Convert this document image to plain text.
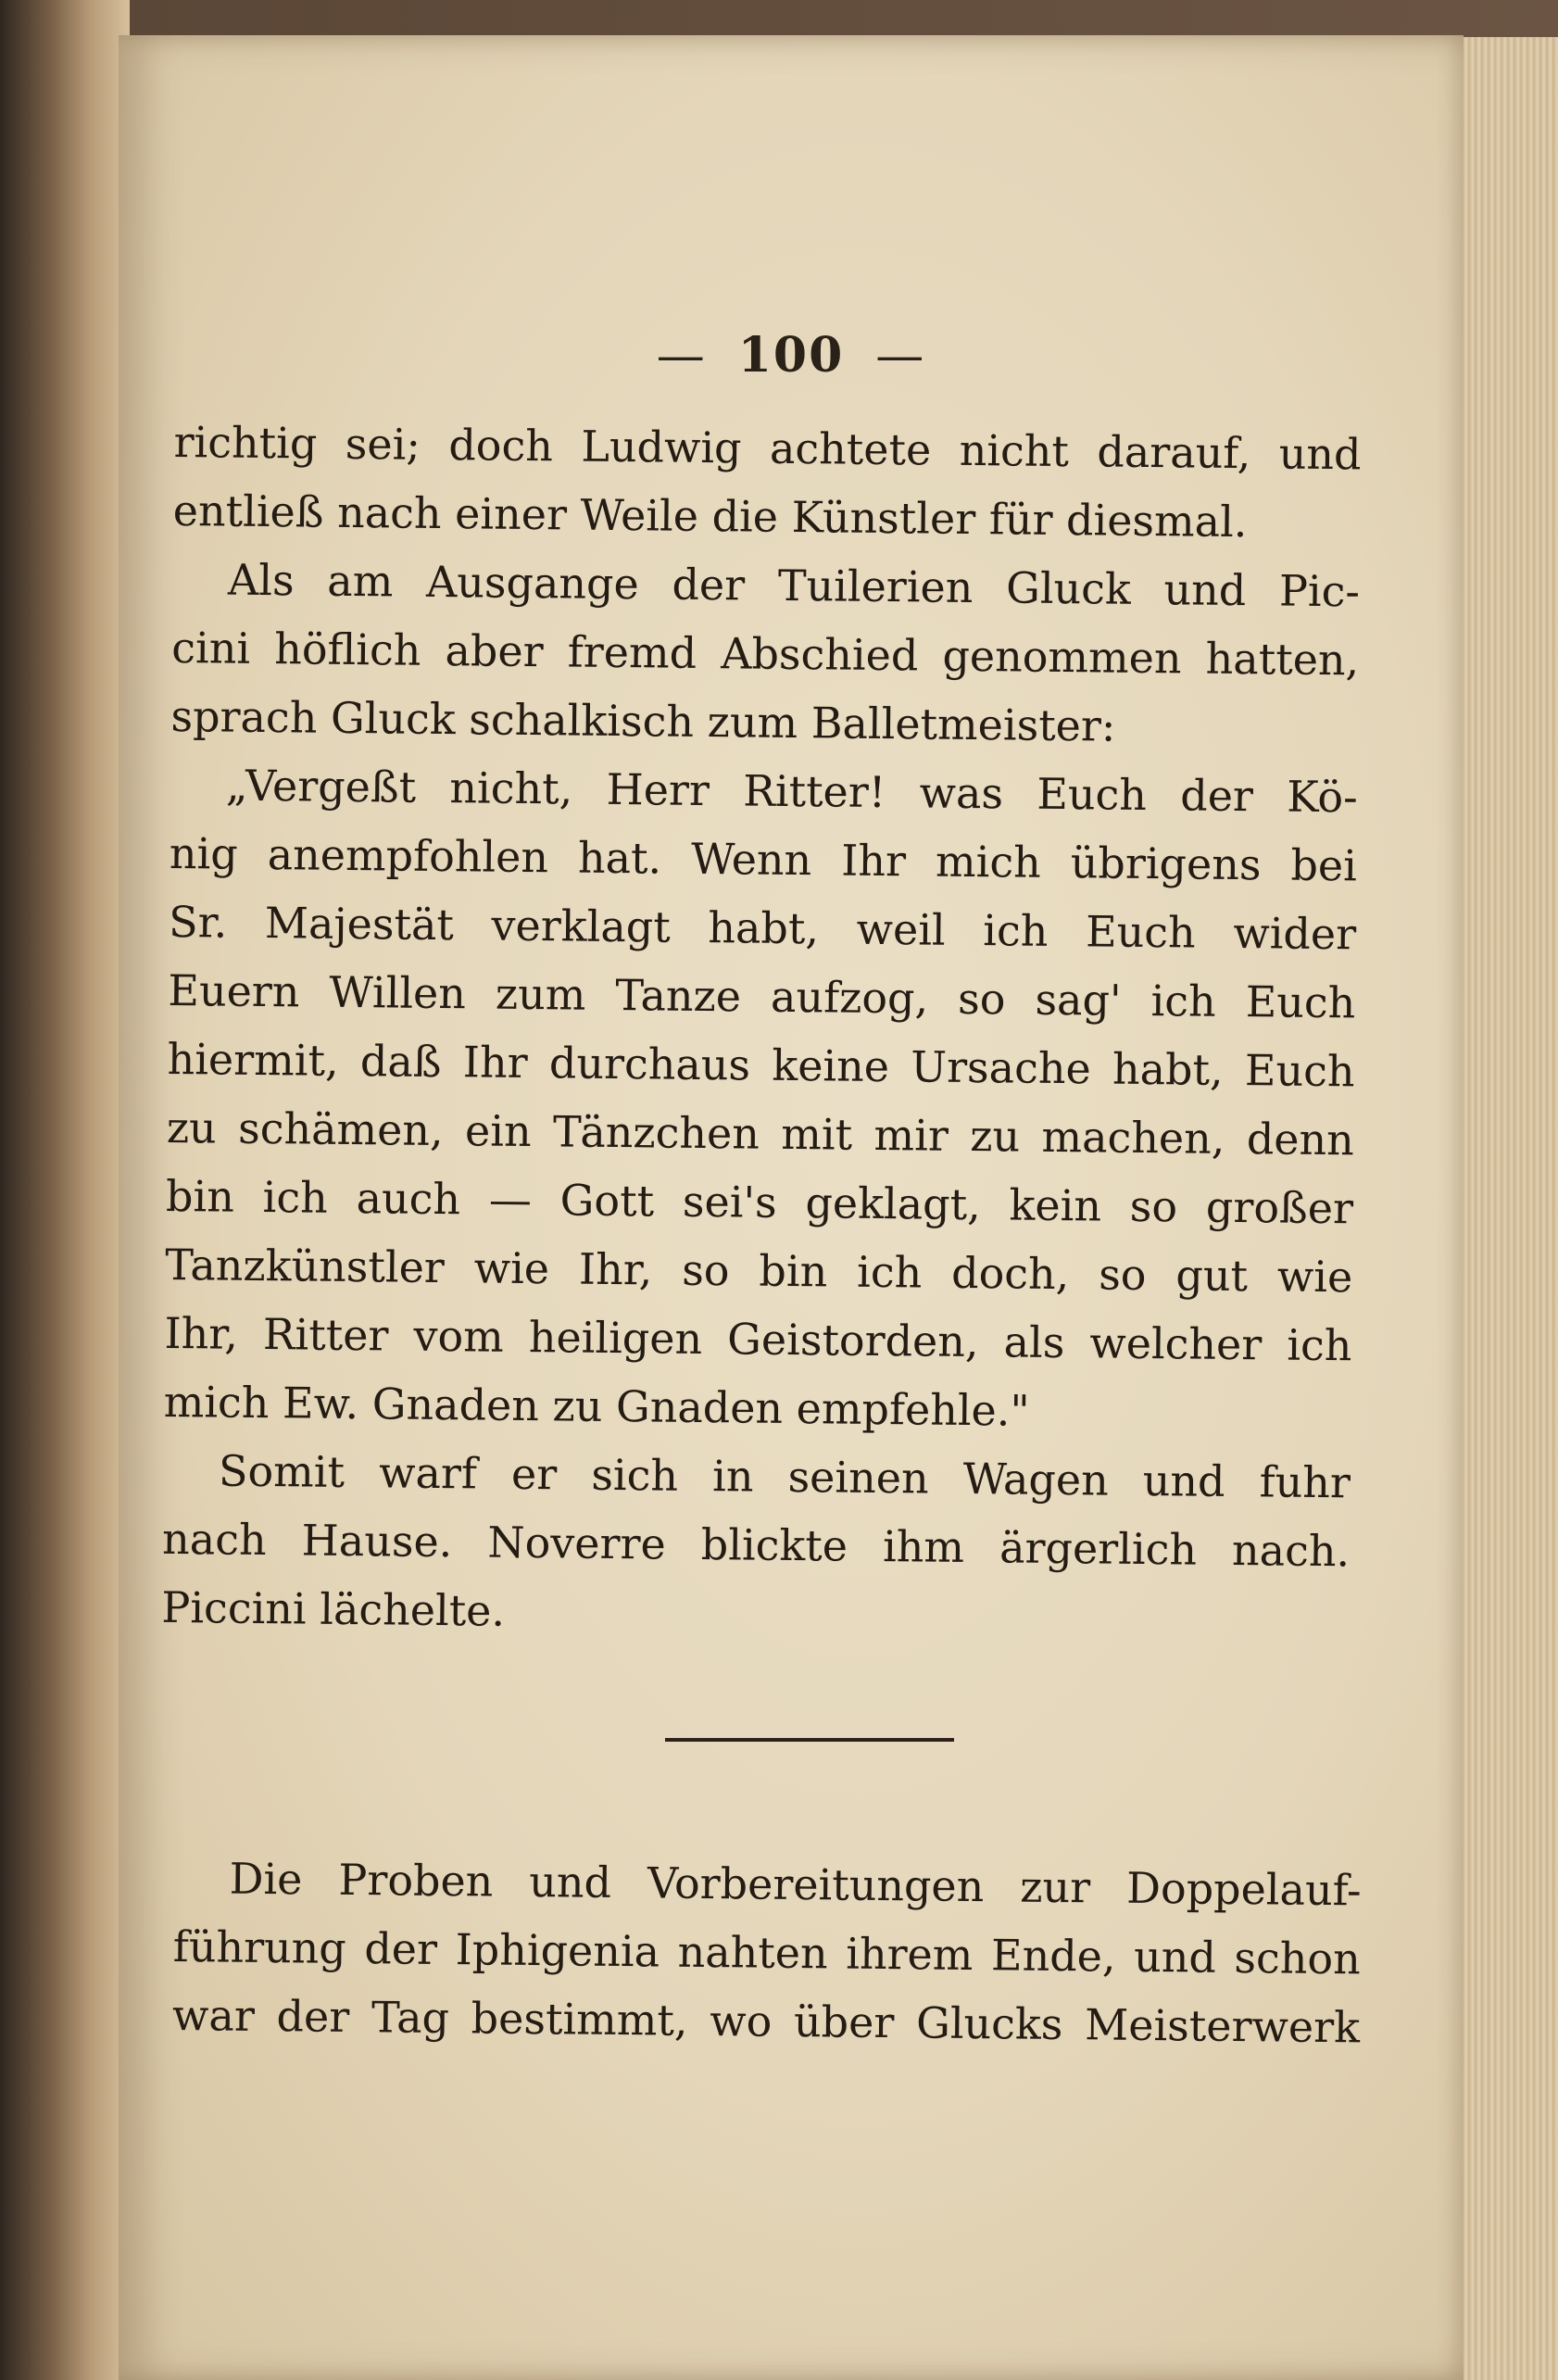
— 100 —
richtig sei; doch Ludwig achtete nicht darauf, und
entließ nach einer Weile die Künstler für diesmal.
Als am Ausgange der Tuilerien Gluck und Pic-
cini höflich aber fremd Abschied genommen hatten,
sprach Gluck schalkisch zum Balletmeister:
„Vergeßt nicht, Herr Ritter! was Euch der Kö-
nig anempfohlen hat. Wenn Ihr mich übrigens bei
Sr. Majestät verklagt habt, weil ich Euch wider
Euern Willen zum Tanze aufzog, so sag' ich Euch
hiermit, daß Ihr durchaus keine Ursache habt, Euch
zu schämen, ein Tänzchen mit mir zu machen, denn
bin ich auch — Gott sei's geklagt, kein so großer
Tanzkünstler wie Ihr, so bin ich doch, so gut wie
Ihr, Ritter vom heiligen Geistorden, als welcher ich
mich Ew. Gnaden zu Gnaden empfehle."
Somit warf er sich in seinen Wagen und fuhr
nach Hause. Noverre blickte ihm ärgerlich nach.
Piccini lächelte.
Die Proben und Vorbereitungen zur Doppelauf-
führung der Iphigenia nahten ihrem Ende, und schon
war der Tag bestimmt, wo über Glucks Meisterwerk
